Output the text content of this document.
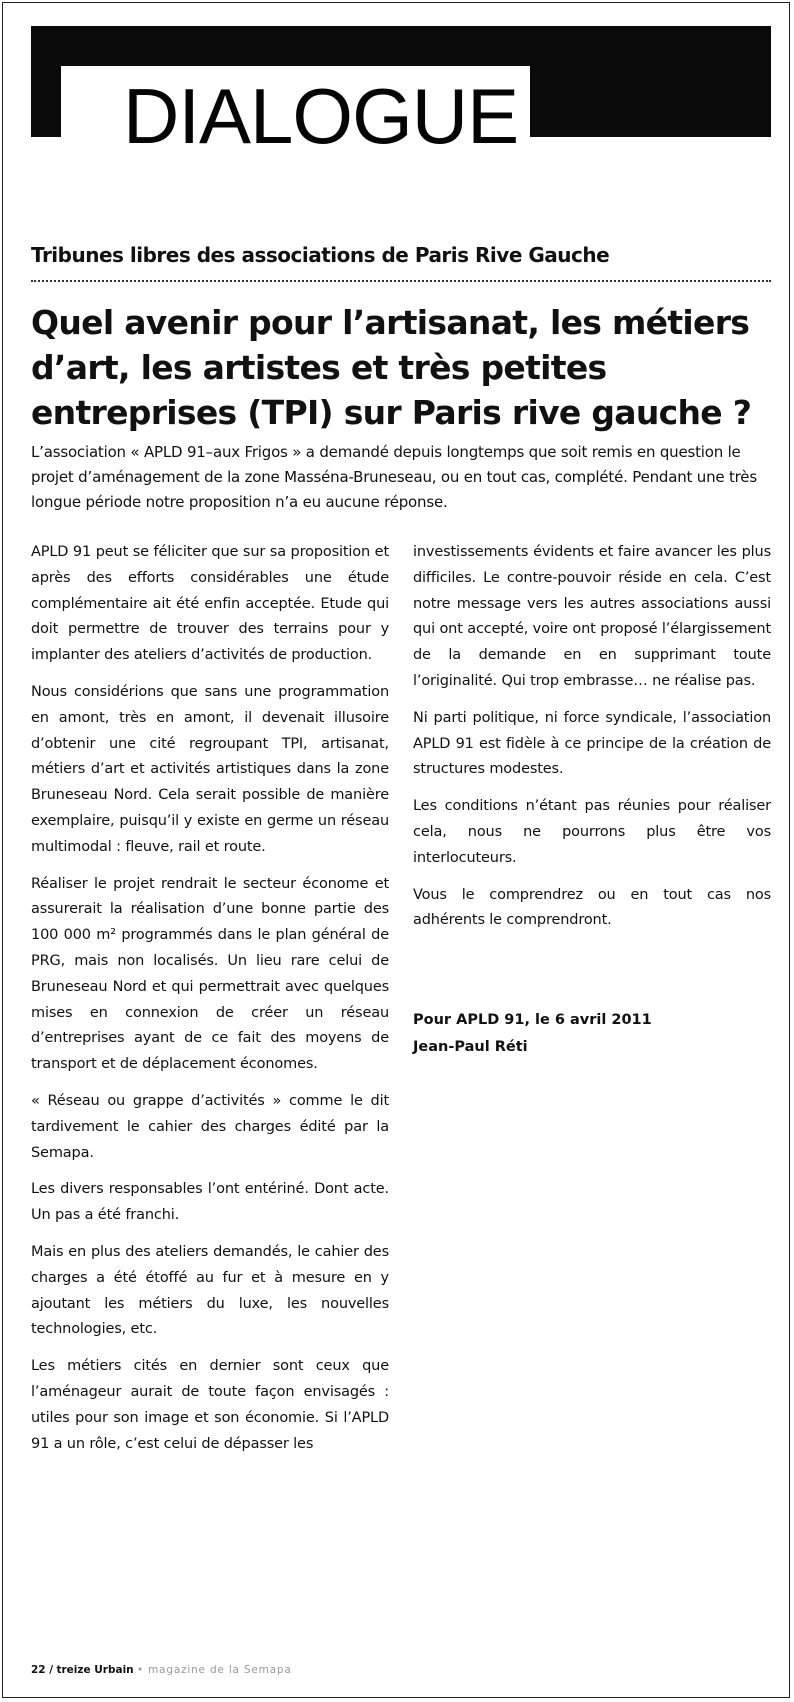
DIALOGUE
Tribunes libres des associations de Paris Rive Gauche
Quel avenir pour l’artisanat, les métiers d’art, les artistes et très petites entreprises (TPI) sur Paris rive gauche ?

L’association « APLD 91–aux Frigos » a demandé depuis longtemps que soit remis en question le projet d’aménagement de la zone Masséna-Bruneseau, ou en tout cas, complété. Pendant une très longue période notre proposition n’a eu aucune réponse.

APLD 91 peut se féliciter que sur sa proposition et après des efforts considérables une étude complémentaire ait été enfin acceptée. Etude qui doit permettre de trouver des terrains pour y implanter des ateliers d’activités de production.

Nous considérions que sans une programmation en amont, très en amont, il devenait illusoire d’obtenir une cité regroupant TPI, artisanat, métiers d’art et activités artistiques dans la zone Bruneseau Nord. Cela serait possible de manière exemplaire, puisqu’il y existe en germe un réseau multimodal : fleuve, rail et route.

Réaliser le projet rendrait le secteur économe et assurerait la réalisation d’une bonne partie des 100 000 m² programmés dans le plan général de PRG, mais non localisés. Un lieu rare celui de Bruneseau Nord et qui permettrait avec quelques mises en connexion de créer un réseau d’entreprises ayant de ce fait des moyens de transport et de déplacement économes.

« Réseau ou grappe d’activités » comme le dit tardivement le cahier des charges édité par la Semapa.

Les divers responsables l’ont entériné. Dont acte. Un pas a été franchi.

Mais en plus des ateliers demandés, le cahier des charges a été étoffé au fur et à mesure en y ajoutant les métiers du luxe, les nouvelles technologies, etc.

Les métiers cités en dernier sont ceux que l’aménageur aurait de toute façon envisagés : utiles pour son image et son économie. Si l’APLD 91 a un rôle, c’est celui de dépasser les

investissements évidents et faire avancer les plus difficiles. Le contre-pouvoir réside en cela. C’est notre message vers les autres associations aussi qui ont accepté, voire ont proposé l’élargissement de la demande en en supprimant toute l’originalité. Qui trop embrasse… ne réalise pas.

Ni parti politique, ni force syndicale, l’association APLD 91 est fidèle à ce principe de la création de structures modestes.

Les conditions n’étant pas réunies pour réaliser cela, nous ne pourrons plus être vos interlocuteurs.

Vous le comprendrez ou en tout cas nos adhérents le comprendront.

Pour APLD 91, le 6 avril 2011
Jean-Paul Réti
22 / treize Urbain • magazine de la Semapa
